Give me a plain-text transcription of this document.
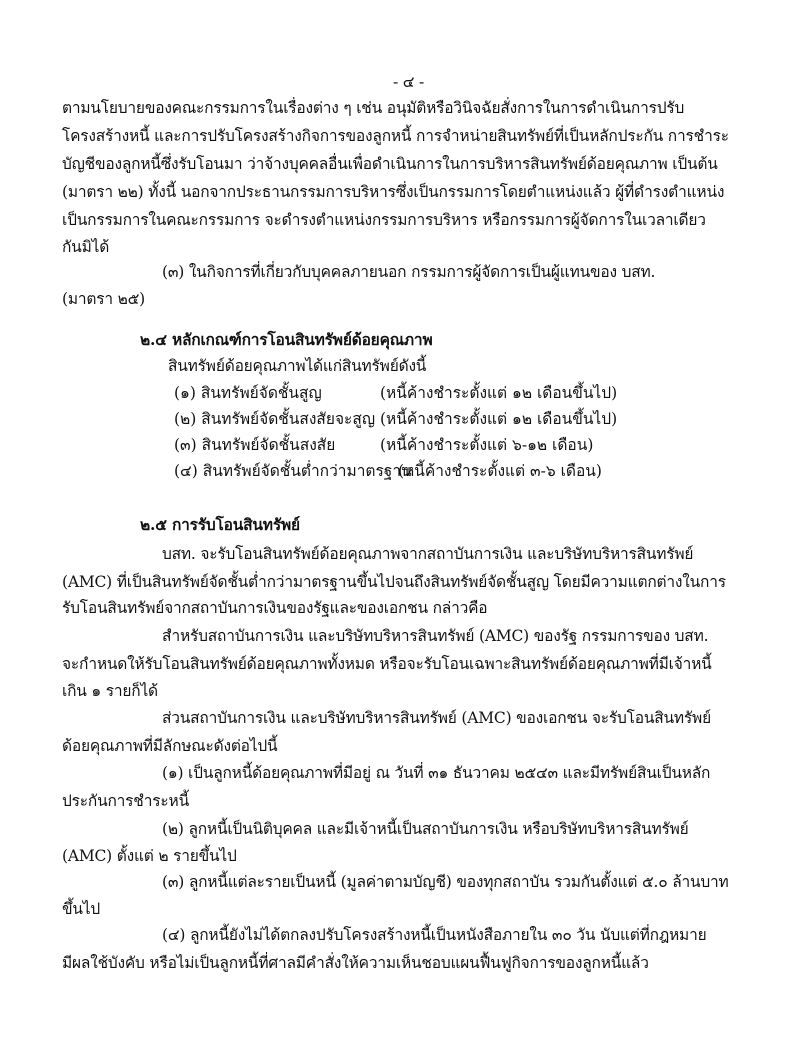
- ๔ -
ตามนโยบายของคณะกรรมการในเรื่องต่าง ๆ เช่น อนุมัติหรือวินิจฉัยสั่งการในการดำเนินการปรับ
โครงสร้างหนี้ และการปรับโครงสร้างกิจการของลูกหนี้ การจำหน่ายสินทรัพย์ที่เป็นหลักประกัน การชำระ
บัญชีของลูกหนี้ซึ่งรับโอนมา ว่าจ้างบุคคลอื่นเพื่อดำเนินการในการบริหารสินทรัพย์ด้อยคุณภาพ เป็นต้น
(มาตรา ๒๒) ทั้งนี้ นอกจากประธานกรรมการบริหารซึ่งเป็นกรรมการโดยตำแหน่งแล้ว ผู้ที่ดำรงตำแหน่ง
เป็นกรรมการในคณะกรรมการ จะดำรงตำแหน่งกรรมการบริหาร หรือกรรมการผู้จัดการในเวลาเดียว
กันมิได้
(๓) ในกิจการที่เกี่ยวกับบุคคลภายนอก กรรมการผู้จัดการเป็นผู้แทนของ บสท.
(มาตรา ๒๕)
๒.๔ หลักเกณฑ์การโอนสินทรัพย์ด้อยคุณภาพ
สินทรัพย์ด้อยคุณภาพได้แก่สินทรัพย์ดังนี้
(๑) สินทรัพย์จัดชั้นสูญ	(หนี้ค้างชำระตั้งแต่ ๑๒ เดือนขึ้นไป)
(๒) สินทรัพย์จัดชั้นสงสัยจะสูญ (หนี้ค้างชำระตั้งแต่ ๑๒ เดือนขึ้นไป)
(๓) สินทรัพย์จัดชั้นสงสัย	(หนี้ค้างชำระตั้งแต่ ๖-๑๒ เดือน)
(๔) สินทรัพย์จัดชั้นต่ำกว่ามาตรฐาน
(หนี้ค้างชำระตั้งแต่ ๓-๖ เดือน)
๒.๕ การรับโอนสินทรัพย์
บสท. จะรับโอนสินทรัพย์ด้อยคุณภาพจากสถาบันการเงิน และบริษัทบริหารสินทรัพย์
(AMC) ที่เป็นสินทรัพย์จัดชั้นต่ำกว่ามาตรฐานขึ้นไปจนถึงสินทรัพย์จัดชั้นสูญ โดยมีความแตกต่างในการ
รับโอนสินทรัพย์จากสถาบันการเงินของรัฐและของเอกชน กล่าวคือ
สำหรับสถาบันการเงิน และบริษัทบริหารสินทรัพย์ (AMC) ของรัฐ กรรมการของ บสท.
จะกำหนดให้รับโอนสินทรัพย์ด้อยคุณภาพทั้งหมด หรือจะรับโอนเฉพาะสินทรัพย์ด้อยคุณภาพที่มีเจ้าหนี้
เกิน ๑ รายก็ได้
ส่วนสถาบันการเงิน และบริษัทบริหารสินทรัพย์ (AMC) ของเอกชน จะรับโอนสินทรัพย์
ด้อยคุณภาพที่มีลักษณะดังต่อไปนี้
(๑) เป็นลูกหนี้ด้อยคุณภาพที่มีอยู่ ณ วันที่ ๓๑ ธันวาคม ๒๕๔๓ และมีทรัพย์สินเป็นหลัก
ประกันการชำระหนี้
(๒) ลูกหนี้เป็นนิติบุคคล และมีเจ้าหนี้เป็นสถาบันการเงิน หรือบริษัทบริหารสินทรัพย์
(AMC) ตั้งแต่ ๒ รายขึ้นไป
(๓) ลูกหนี้แต่ละรายเป็นหนี้ (มูลค่าตามบัญชี) ของทุกสถาบัน รวมกันตั้งแต่ ๕.๐ ล้านบาท
ขึ้นไป
(๔) ลูกหนี้ยังไม่ได้ตกลงปรับโครงสร้างหนี้เป็นหนังสือภายใน ๓๐ วัน นับแต่ที่กฎหมาย
มีผลใช้บังคับ หรือไม่เป็นลูกหนี้ที่ศาลมีคำสั่งให้ความเห็นชอบแผนฟื้นฟูกิจการของลูกหนี้แล้ว
